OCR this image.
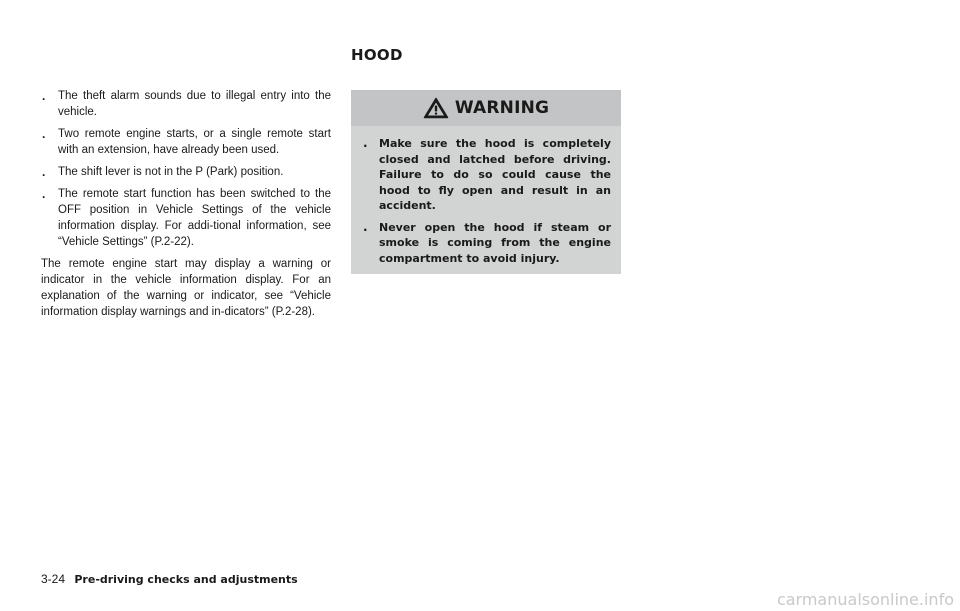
HOOD
. The theft alarm sounds due to illegal entry into the vehicle.
. Two remote engine starts, or a single remote start with an extension, have already been used.
. The shift lever is not in the P (Park) position.
. The remote start function has been switched to the OFF position in Vehicle Settings of the vehicle information display. For addi-tional information, see “Vehicle Settings” (P.2-22).

The remote engine start may display a warning or indicator in the vehicle information display. For an explanation of the warning or indicator, see “Vehicle information display warnings and in-dicators” (P.2-28).

WARNING
. Make sure the hood is completely closed and latched before driving. Failure to do so could cause the hood to fly open and result in an accident.
. Never open the hood if steam or smoke is coming from the engine compartment to avoid injury.
3-24 Pre-driving checks and adjustments
carmanualsonline.info
